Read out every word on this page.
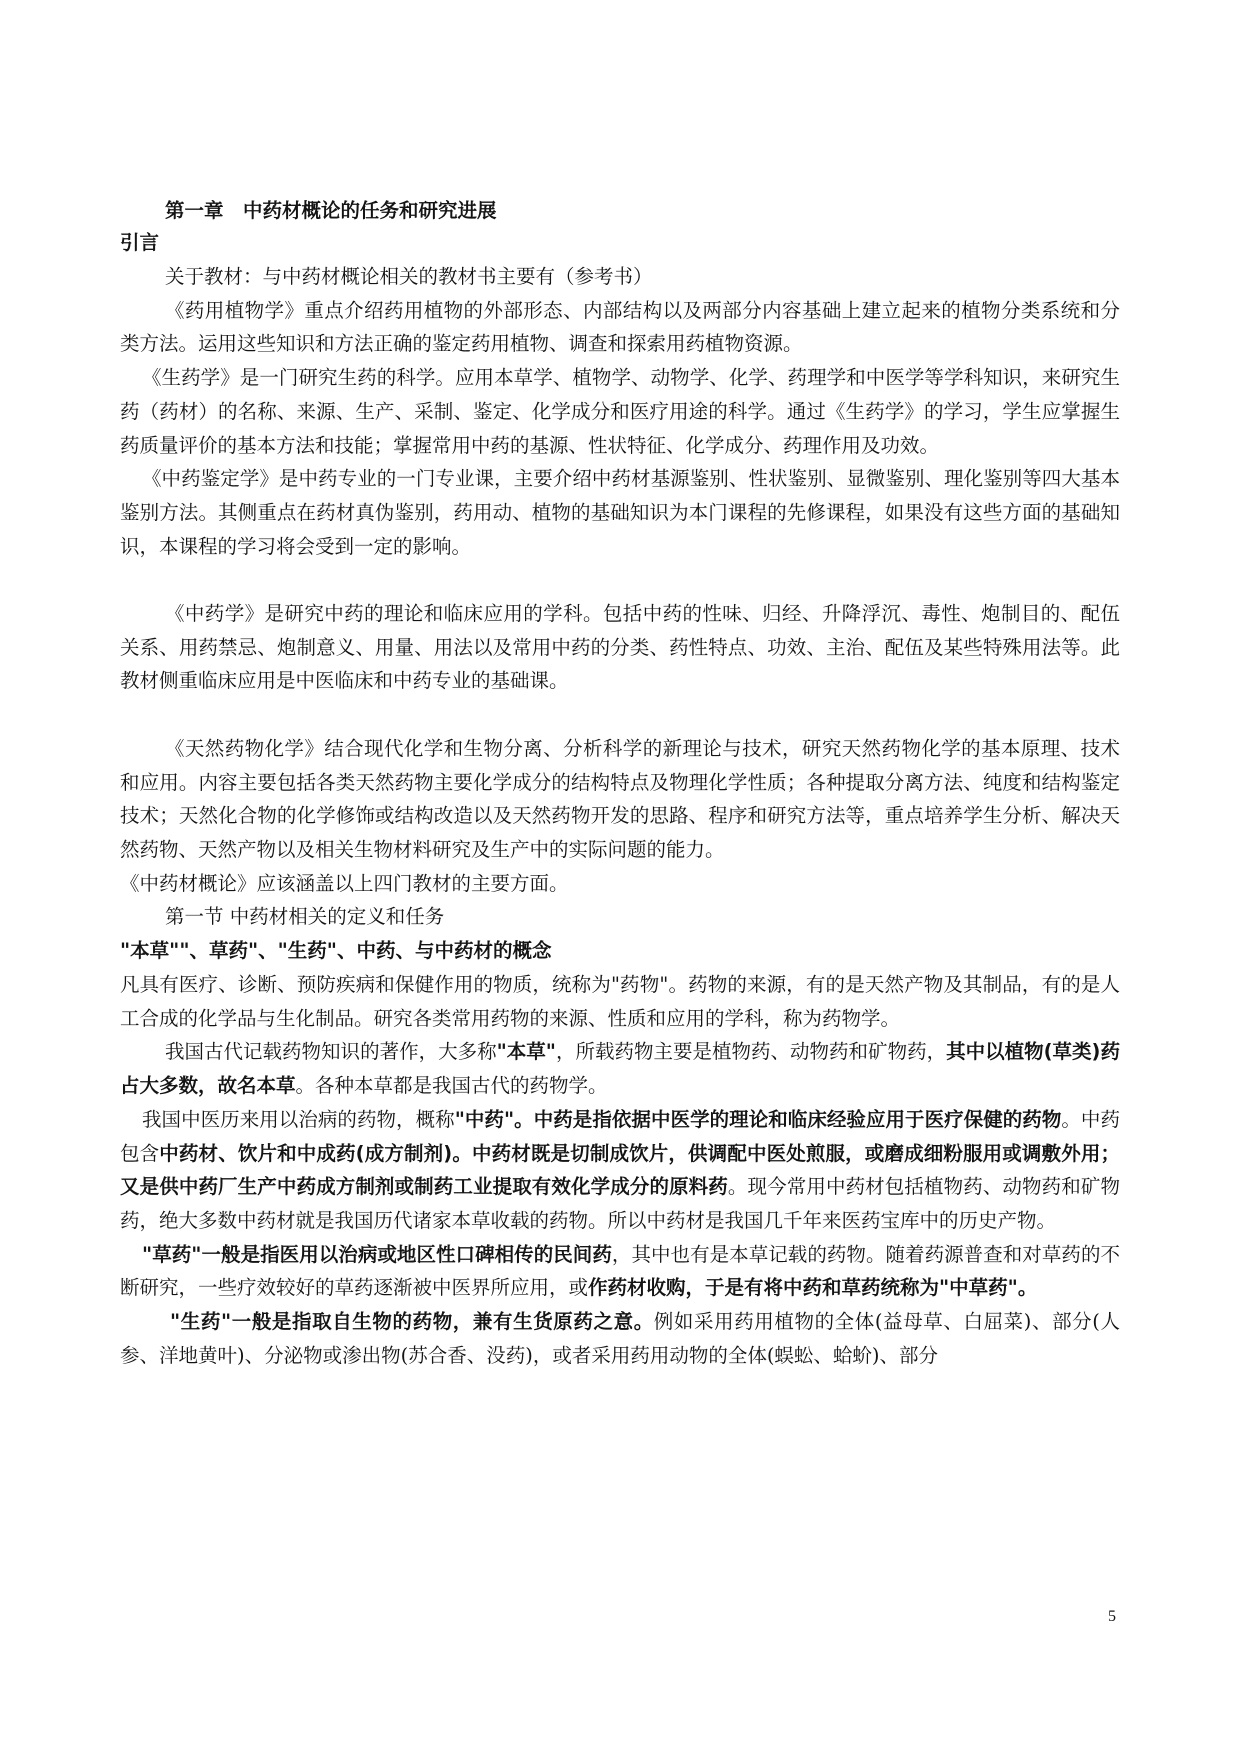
第一章　中药材概论的任务和研究进展

引言

关于教材：与中药材概论相关的教材书主要有（参考书）

《药用植物学》重点介绍药用植物的外部形态、内部结构以及两部分内容基础上建立起来的植物分类系统和分类方法。运用这些知识和方法正确的鉴定药用植物、调查和探索用药植物资源。

《生药学》是一门研究生药的科学。应用本草学、植物学、动物学、化学、药理学和中医学等学科知识，来研究生药（药材）的名称、来源、生产、采制、鉴定、化学成分和医疗用途的科学。通过《生药学》的学习，学生应掌握生药质量评价的基本方法和技能；掌握常用中药的基源、性状特征、化学成分、药理作用及功效。

《中药鉴定学》是中药专业的一门专业课，主要介绍中药材基源鉴别、性状鉴别、显微鉴别、理化鉴别等四大基本鉴别方法。其侧重点在药材真伪鉴别，药用动、植物的基础知识为本门课程的先修课程，如果没有这些方面的基础知识，本课程的学习将会受到一定的影响。

《中药学》是研究中药的理论和临床应用的学科。包括中药的性味、归经、升降浮沉、毒性、炮制目的、配伍关系、用药禁忌、炮制意义、用量、用法以及常用中药的分类、药性特点、功效、主治、配伍及某些特殊用法等。此教材侧重临床应用是中医临床和中药专业的基础课。

《天然药物化学》结合现代化学和生物分离、分析科学的新理论与技术，研究天然药物化学的基本原理、技术和应用。内容主要包括各类天然药物主要化学成分的结构特点及物理化学性质；各种提取分离方法、纯度和结构鉴定技术；天然化合物的化学修饰或结构改造以及天然药物开发的思路、程序和研究方法等，重点培养学生分析、解决天然药物、天然产物以及相关生物材料研究及生产中的实际问题的能力。

《中药材概论》应该涵盖以上四门教材的主要方面。

第一节 中药材相关的定义和任务

"本草""、草药"、"生药"、中药、与中药材的概念

凡具有医疗、诊断、预防疾病和保健作用的物质，统称为"药物"。药物的来源，有的是天然产物及其制品，有的是人工合成的化学品与生化制品。研究各类常用药物的来源、性质和应用的学科，称为药物学。

我国古代记载药物知识的著作，大多称"本草"，所载药物主要是植物药、动物药和矿物药，其中以植物(草类)药占大多数，故名本草。各种本草都是我国古代的药物学。

我国中医历来用以治病的药物，概称"中药"。中药是指依据中医学的理论和临床经验应用于医疗保健的药物。中药包含中药材、饮片和中成药(成方制剂)。中药材既是切制成饮片，供调配中医处煎服，或磨成细粉服用或调敷外用；又是供中药厂生产中药成方制剂或制药工业提取有效化学成分的原料药。现今常用中药材包括植物药、动物药和矿物药，绝大多数中药材就是我国历代诸家本草收载的药物。所以中药材是我国几千年来医药宝库中的历史产物。

"草药"一般是指医用以治病或地区性口碑相传的民间药，其中也有是本草记载的药物。随着药源普查和对草药的不断研究，一些疗效较好的草药逐渐被中医界所应用，或作药材收购，于是有将中药和草药统称为"中草药"。

"生药"一般是指取自生物的药物，兼有生货原药之意。例如采用药用植物的全体(益母草、白屈菜)、部分(人参、洋地黄叶)、分泌物或渗出物(苏合香、没药)，或者采用药用动物的全体(蜈蚣、蛤蚧)、部分

5
